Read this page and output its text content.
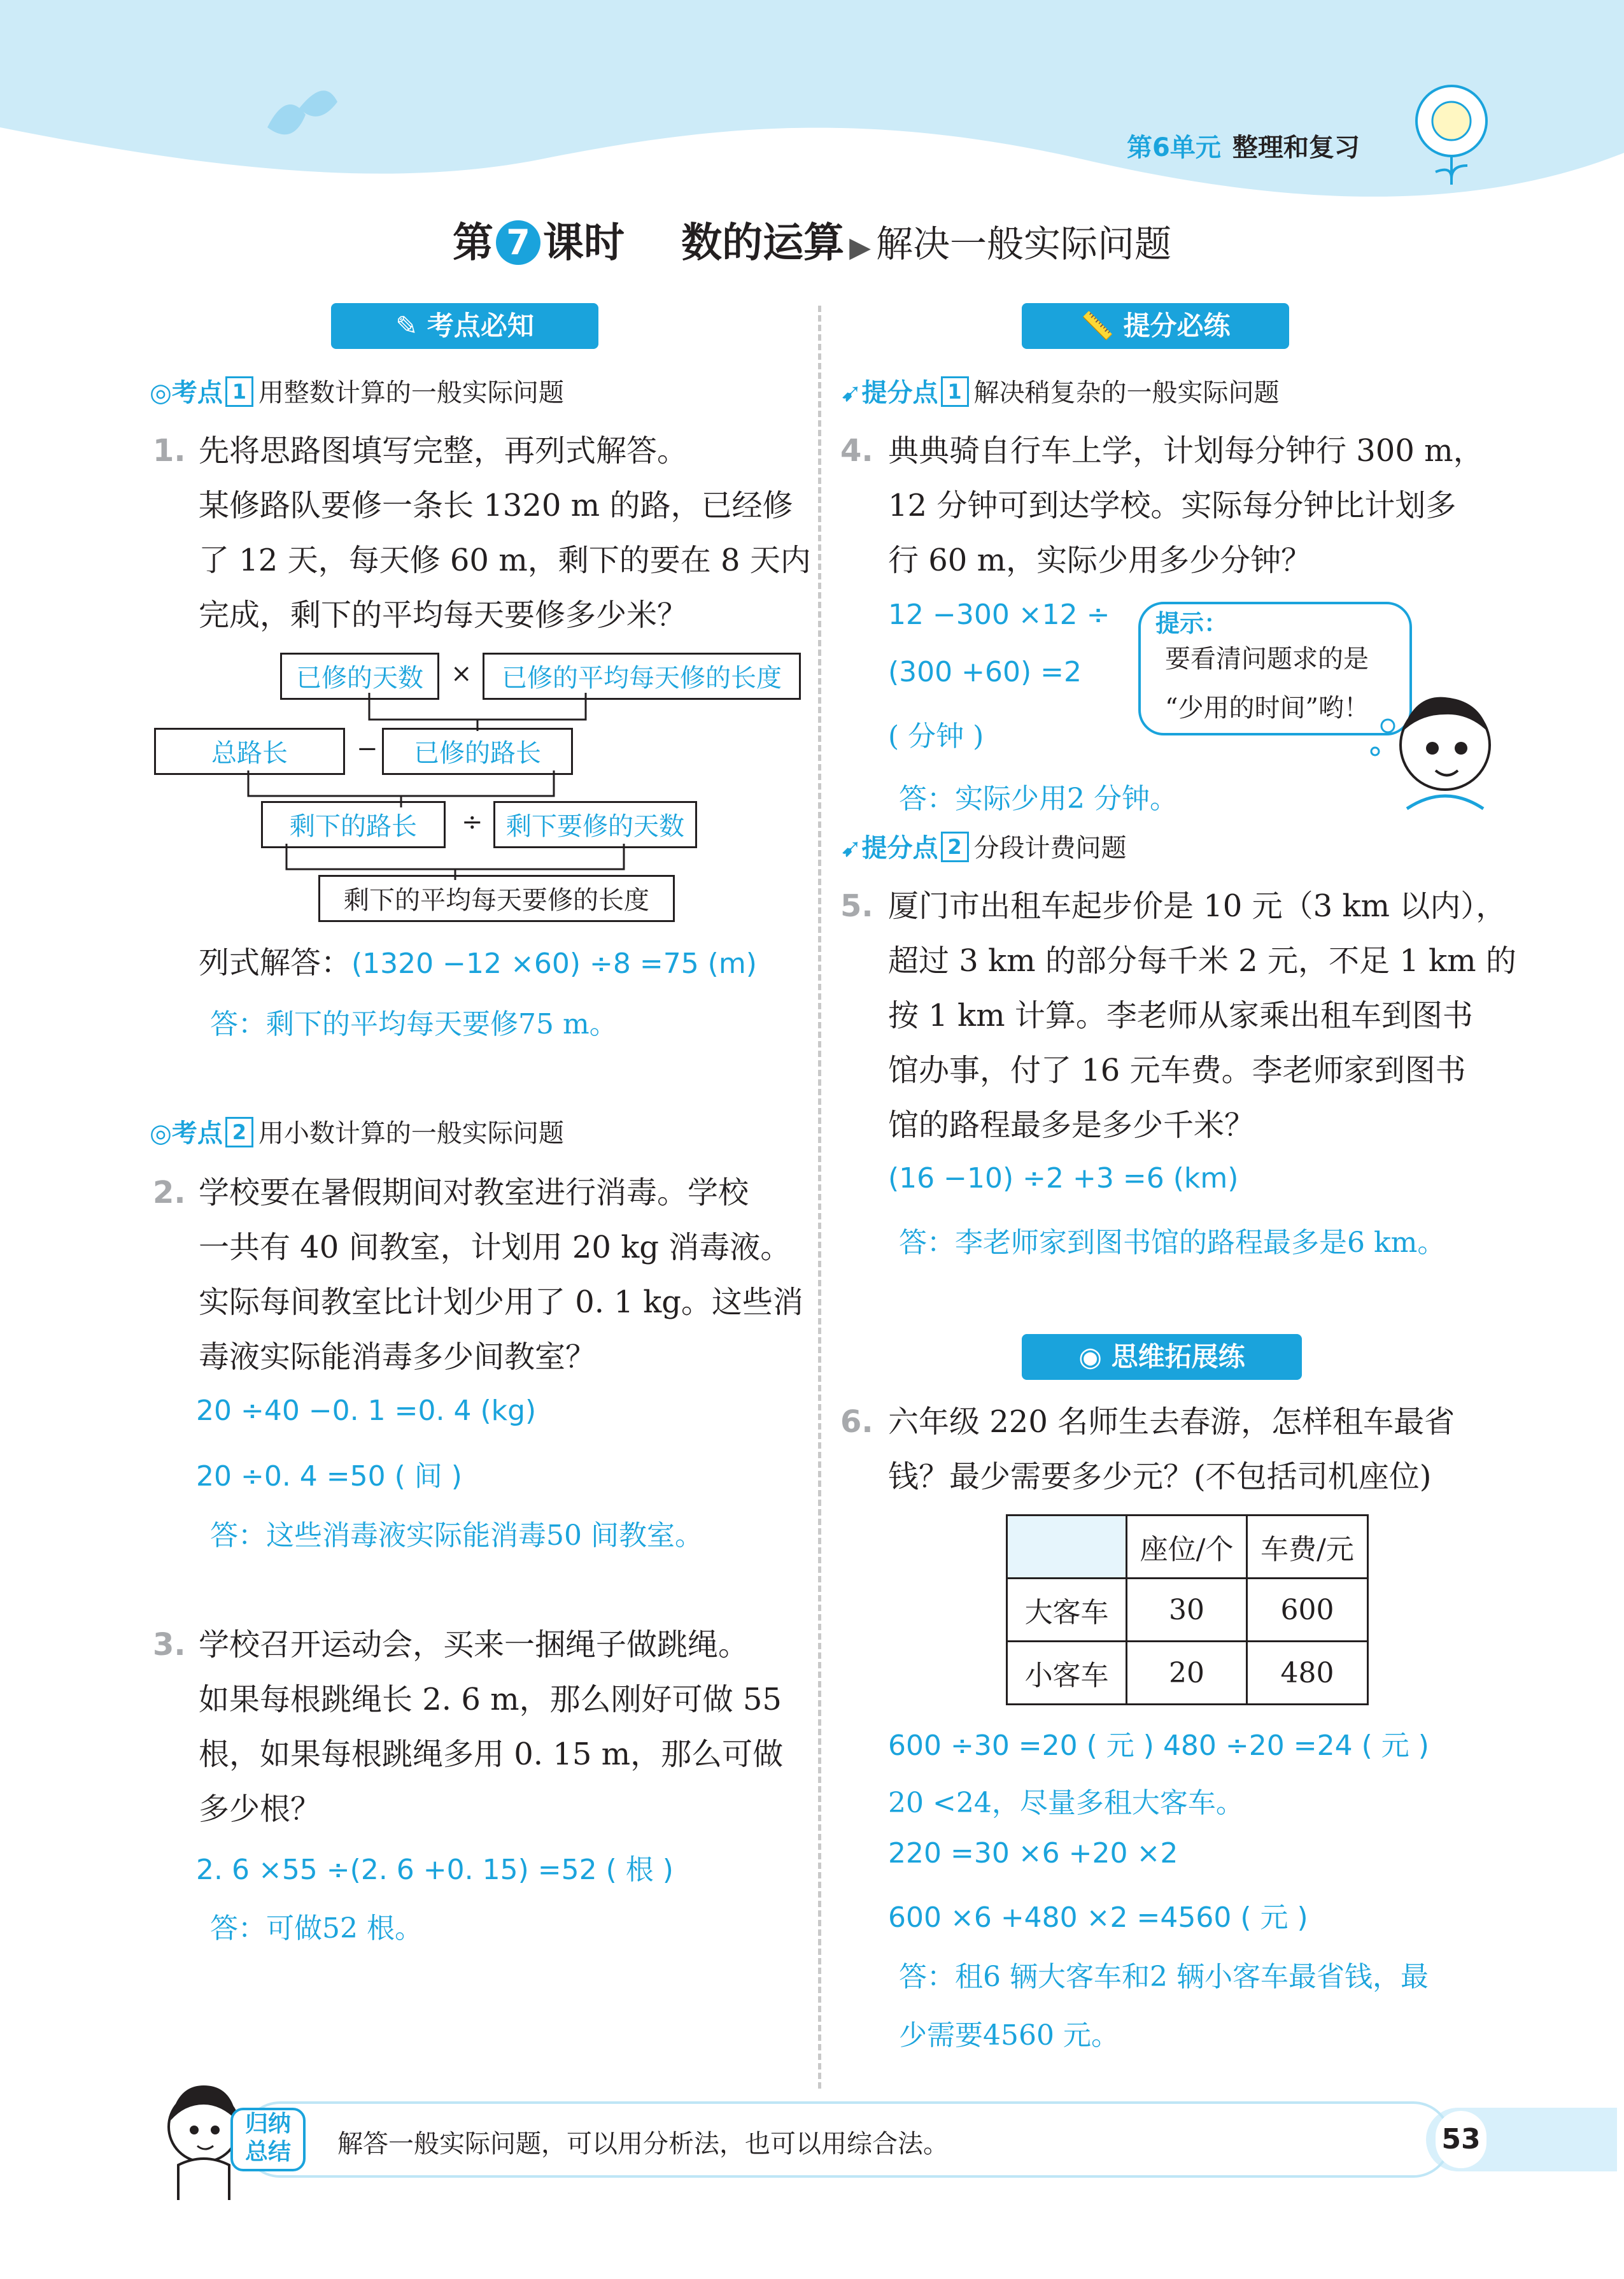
第6单元 整理和复习
第 7 课时 数的运算 ▶ 解决一般实际问题
✎ 考点必知
◎考点 1 用整数计算的一般实际问题
1. 先将思路图填写完整，再列式解答。
某修路队要修一条长 1320 m 的路，已经修
了 12 天，每天修 60 m，剩下的要在 8 天内
完成，剩下的平均每天要修多少米？
已修的天数	×	已修的平均每天修的长度
总路长	−	已修的路长
剩下的路长	÷ 剩下要修的天数
剩下的平均每天要修的长度
列式解答：(1320 −12 ×60) ÷8 =75 (m)
答：剩下的平均每天要修75 m。
◎考点 2 用小数计算的一般实际问题
2. 学校要在暑假期间对教室进行消毒。学校
一共有 40 间教室，计划用 20 kg 消毒液。
实际每间教室比计划少用了 0. 1 kg。这些消
毒液实际能消毒多少间教室？
20 ÷40 −0. 1 =0. 4 (kg)
20 ÷0. 4 =50 ( 间 )
答：这些消毒液实际能消毒50 间教室。
3. 学校召开运动会，买来一捆绳子做跳绳。
如果每根跳绳长 2. 6 m，那么刚好可做 55
根，如果每根跳绳多用 0. 15 m，那么可做
多少根？
2. 6 ×55 ÷(2. 6 +0. 15) =52 ( 根 )
答：可做52 根。
📏 提分必练
➹提分点 1 解决稍复杂的一般实际问题
4. 典典骑自行车上学，计划每分钟行 300 m，
12 分钟可到达学校。实际每分钟比计划多
行 60 m，实际少用多少分钟？
12 −300 ×12 ÷
(300 +60) =2
( 分钟 )
答：实际少用2 分钟。
提示：
要看清问题求的是
“少用的时间”哟！
➹提分点 2 分段计费问题
5. 厦门市出租车起步价是 10 元（3 km 以内），
超过 3 km 的部分每千米 2 元，不足 1 km 的
按 1 km 计算。李老师从家乘出租车到图书
馆办事，付了 16 元车费。李老师家到图书
馆的路程最多是多少千米？
(16 −10) ÷2 +3 =6 (km)
答：李老师家到图书馆的路程最多是6 km。
◉ 思维拓展练
6. 六年级 220 名师生去春游，怎样租车最省
钱？最少需要多少元？(不包括司机座位)
	座位/个	车费/元
大客车	30	600
小客车	20	480
600 ÷30 =20 ( 元 ) 480 ÷20 =24 ( 元 )
20 <24，尽量多租大客车。
220 =30 ×6 +20 ×2
600 ×6 +480 ×2 =4560 ( 元 )
答：租6 辆大客车和2 辆小客车最省钱，最
少需要4560 元。
归纳
总结	解答一般实际问题，可以用分析法，也可以用综合法。	53
